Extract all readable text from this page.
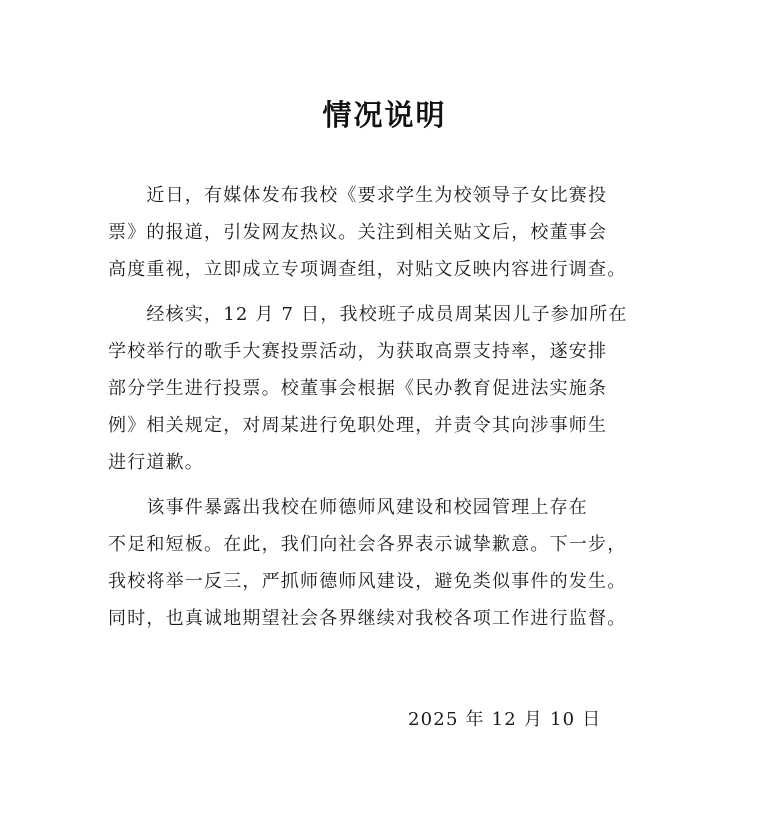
情况说明

　　近日，有媒体发布我校《要求学生为校领导子女比赛投
票》的报道，引发网友热议。关注到相关贴文后，校董事会
高度重视，立即成立专项调查组，对贴文反映内容进行调查。

　　经核实，12 月 7 日，我校班子成员周某因儿子参加所在
学校举行的歌手大赛投票活动，为获取高票支持率，遂安排
部分学生进行投票。校董事会根据《民办教育促进法实施条
例》相关规定，对周某进行免职处理，并责令其向涉事师生
进行道歉。

　　该事件暴露出我校在师德师风建设和校园管理上存在
不足和短板。在此，我们向社会各界表示诚挚歉意。下一步，
我校将举一反三，严抓师德师风建设，避免类似事件的发生。
同时，也真诚地期望社会各界继续对我校各项工作进行监督。

2025 年 12 月 10 日
